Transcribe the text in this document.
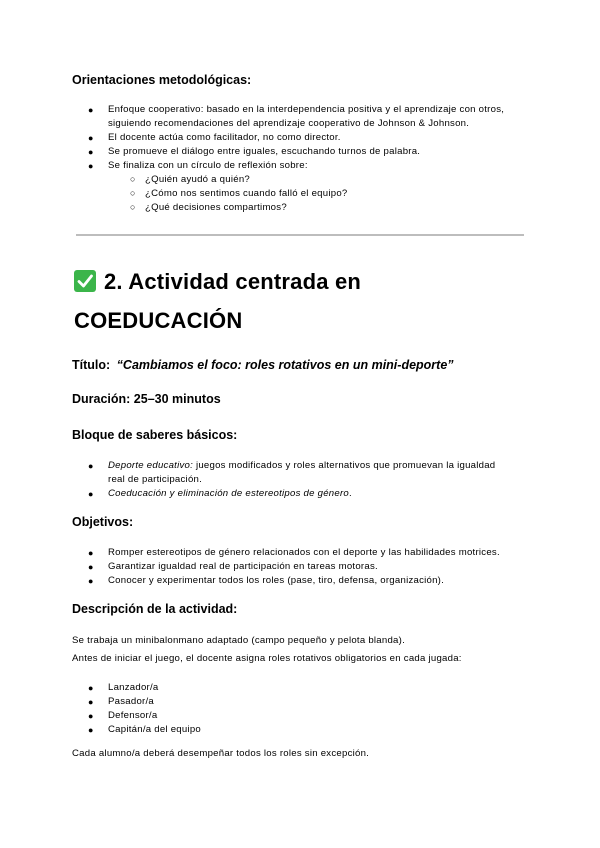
Orientaciones metodológicas:
● Enfoque cooperativo: basado en la interdependencia positiva y el aprendizaje con otros,
siguiendo recomendaciones del aprendizaje cooperativo de Johnson & Johnson.
● El docente actúa como facilitador, no como director.
● Se promueve el diálogo entre iguales, escuchando turnos de palabra.
● Se finaliza con un círculo de reflexión sobre:
○ ¿Quién ayudó a quién?
○ ¿Cómo nos sentimos cuando falló el equipo?
○ ¿Qué decisiones compartimos?
2. Actividad centrada en
COEDUCACIÓN
Título: “Cambiamos el foco: roles rotativos en un mini-deporte”
Duración: 25–30 minutos
Bloque de saberes básicos:
● Deporte educativo: juegos modificados y roles alternativos que promuevan la igualdad
real de participación.
● Coeducación y eliminación de estereotipos de género.
Objetivos:
● Romper estereotipos de género relacionados con el deporte y las habilidades motrices.
● Garantizar igualdad real de participación en tareas motoras.
● Conocer y experimentar todos los roles (pase, tiro, defensa, organización).
Descripción de la actividad:
Se trabaja un minibalonmano adaptado (campo pequeño y pelota blanda).
Antes de iniciar el juego, el docente asigna roles rotativos obligatorios en cada jugada:
● Lanzador/a
● Pasador/a
● Defensor/a
● Capitán/a del equipo
Cada alumno/a deberá desempeñar todos los roles sin excepción.
